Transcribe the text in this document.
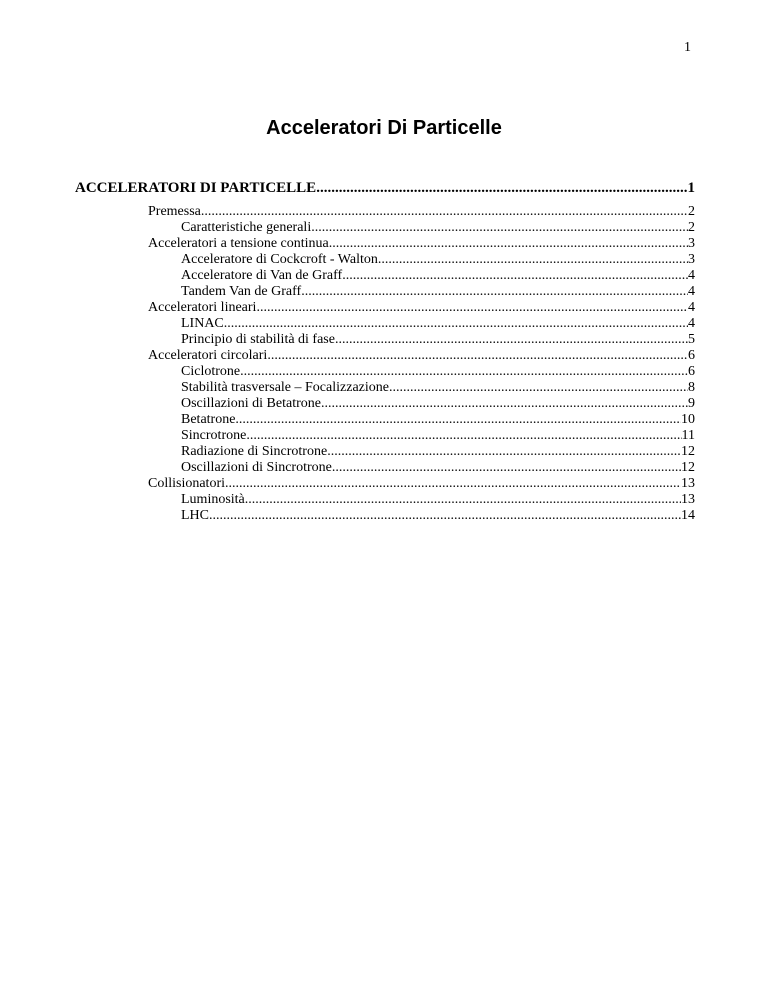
1
Acceleratori Di Particelle
ACCELERATORI DI PARTICELLE .....	1
Premessa .....	2
Caratteristiche generali .....	2
Acceleratori a tensione continua .....	3
Acceleratore di Cockcroft - Walton .....	3
Acceleratore di Van de Graff .....	4
Tandem Van de Graff .....	4
Acceleratori lineari .....	4
LINAC .....	4
Principio di stabilità di fase .....	5
Acceleratori circolari .....	6
Ciclotrone .....	6
Stabilità trasversale – Focalizzazione .....	8
Oscillazioni di Betatrone .....	9
Betatrone .....	10
Sincrotrone .....	11
Radiazione di Sincrotrone .....	12
Oscillazioni di Sincrotrone .....	12
Collisionatori .....	13
Luminosità .....	13
LHC .....	14
